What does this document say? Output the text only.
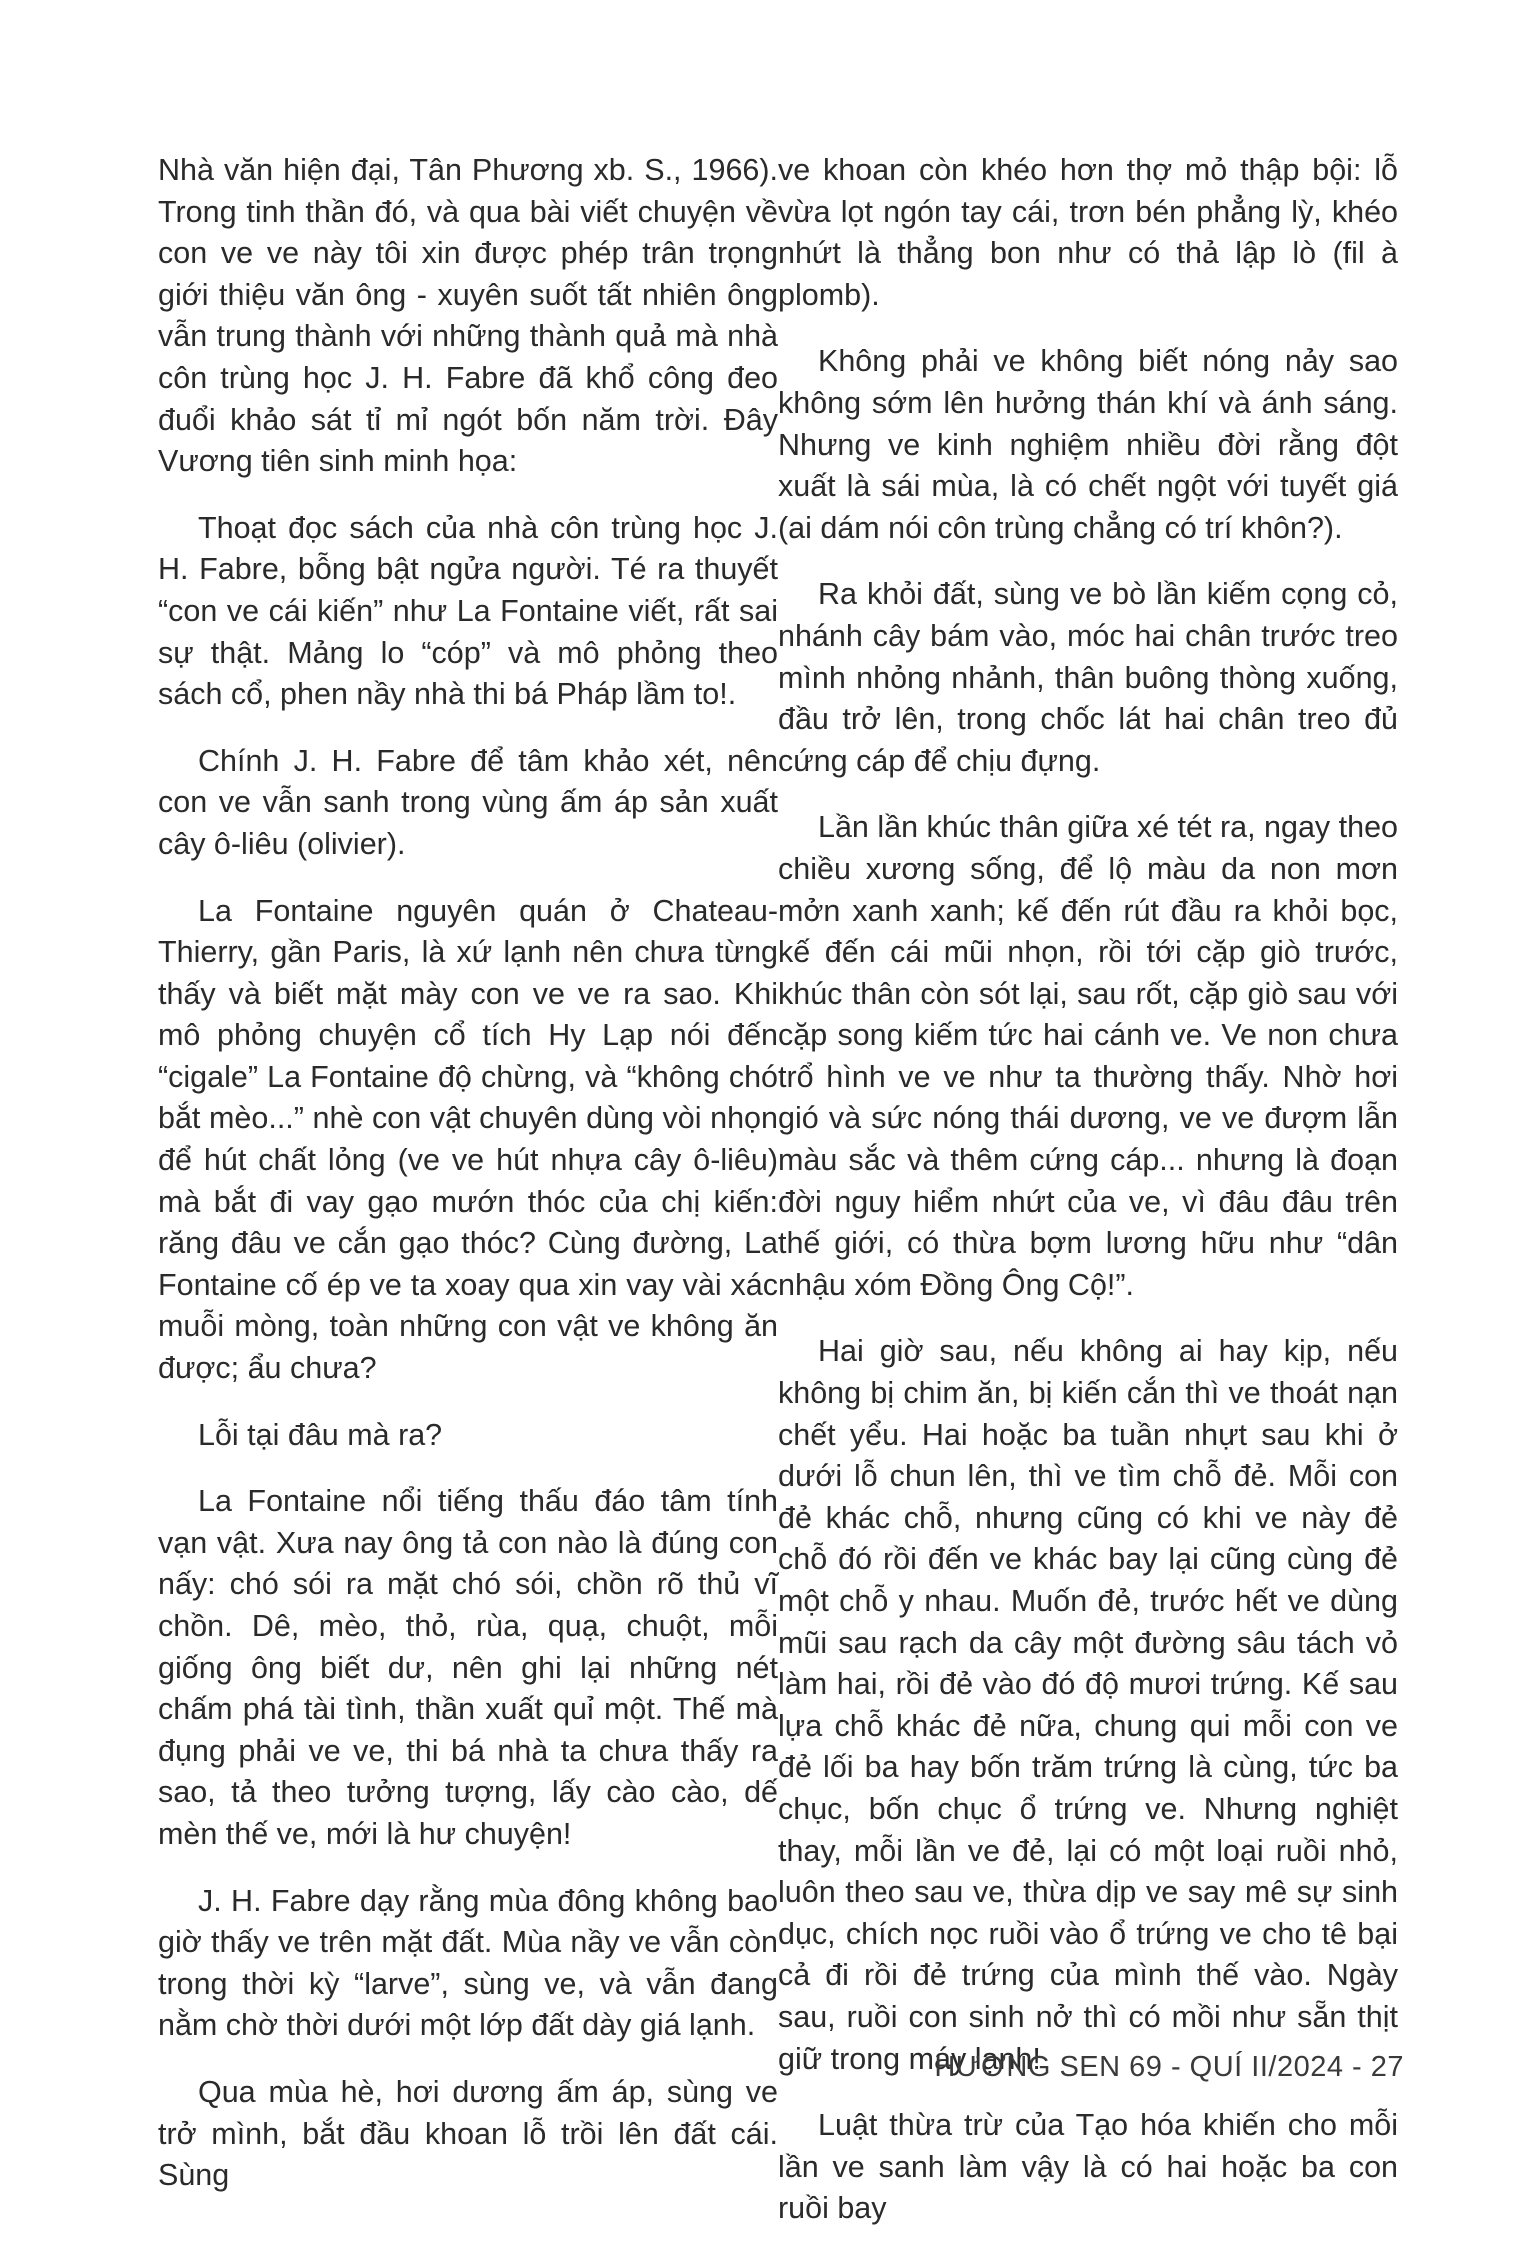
Nhà văn hiện đại, Tân Phương xb. S., 1966). Trong tinh thần đó, và qua bài viết chuyện về con ve ve này tôi xin được phép trân trọng giới thiệu văn ông - xuyên suốt tất nhiên ông vẫn trung thành với những thành quả mà nhà côn trùng học J. H. Fabre đã khổ công đeo đuổi khảo sát tỉ mỉ ngót bốn năm trời. Đây Vương tiên sinh minh họa:

Thoạt đọc sách của nhà côn trùng học J. H. Fabre, bỗng bật ngửa người. Té ra thuyết “con ve cái kiến” như La Fontaine viết, rất sai sự thật. Mảng lo “cóp” và mô phỏng theo sách cổ, phen nầy nhà thi bá Pháp lầm to!.

Chính J. H. Fabre để tâm khảo xét, nên con ve vẫn sanh trong vùng ấm áp sản xuất cây ô-liêu (olivier).

La Fontaine nguyên quán ở Chateau-Thierry, gần Paris, là xứ lạnh nên chưa từng thấy và biết mặt mày con ve ve ra sao. Khi mô phỏng chuyện cổ tích Hy Lạp nói đến “cigale” La Fontaine độ chừng, và “không chó bắt mèo...” nhè con vật chuyên dùng vòi nhọn để hút chất lỏng (ve ve hút nhựa cây ô-liêu) mà bắt đi vay gạo mướn thóc của chị kiến: răng đâu ve cắn gạo thóc? Cùng đường, La Fontaine cố ép ve ta xoay qua xin vay vài xác muỗi mòng, toàn những con vật ve không ăn được; ẩu chưa?

Lỗi tại đâu mà ra?

La Fontaine nổi tiếng thấu đáo tâm tính vạn vật. Xưa nay ông tả con nào là đúng con nấy: chó sói ra mặt chó sói, chồn rõ thủ vĩ chồn. Dê, mèo, thỏ, rùa, quạ, chuột, mỗi giống ông biết dư, nên ghi lại những nét chấm phá tài tình, thần xuất quỉ một. Thế mà đụng phải ve ve, thi bá nhà ta chưa thấy ra sao, tả theo tưởng tượng, lấy cào cào, dế mèn thế ve, mới là hư chuyện!

J. H. Fabre dạy rằng mùa đông không bao giờ thấy ve trên mặt đất. Mùa nầy ve vẫn còn trong thời kỳ “larve”, sùng ve, và vẫn đang nằm chờ thời dưới một lớp đất dày giá lạnh.

Qua mùa hè, hơi dương ấm áp, sùng ve trở mình, bắt đầu khoan lỗ trồi lên đất cái. Sùng

ve khoan còn khéo hơn thợ mỏ thập bội: lỗ vừa lọt ngón tay cái, trơn bén phẳng lỳ, khéo nhứt là thẳng bon như có thả lập lò (fil à plomb).

Không phải ve không biết nóng nảy sao không sớm lên hưởng thán khí và ánh sáng. Nhưng ve kinh nghiệm nhiều đời rằng đột xuất là sái mùa, là có chết ngột với tuyết giá (ai dám nói côn trùng chẳng có trí khôn?).

Ra khỏi đất, sùng ve bò lần kiếm cọng cỏ, nhánh cây bám vào, móc hai chân trước treo mình nhỏng nhảnh, thân buông thòng xuống, đầu trở lên, trong chốc lát hai chân treo đủ cứng cáp để chịu đựng.

Lần lần khúc thân giữa xé tét ra, ngay theo chiều xương sống, để lộ màu da non mơn mởn xanh xanh; kế đến rút đầu ra khỏi bọc, kế đến cái mũi nhọn, rồi tới cặp giò trước, khúc thân còn sót lại, sau rốt, cặp giò sau với cặp song kiếm tức hai cánh ve. Ve non chưa trổ hình ve ve như ta thường thấy. Nhờ hơi gió và sức nóng thái dương, ve ve đượm lẫn màu sắc và thêm cứng cáp... nhưng là đoạn đời nguy hiểm nhứt của ve, vì đâu đâu trên thế giới, có thừa bợm lương hữu như “dân nhậu xóm Đồng Ông Cộ!”.

Hai giờ sau, nếu không ai hay kịp, nếu không bị chim ăn, bị kiến cắn thì ve thoát nạn chết yểu. Hai hoặc ba tuần nhựt sau khi ở dưới lỗ chun lên, thì ve tìm chỗ đẻ. Mỗi con đẻ khác chỗ, nhưng cũng có khi ve này đẻ chỗ đó rồi đến ve khác bay lại cũng cùng đẻ một chỗ y nhau. Muốn đẻ, trước hết ve dùng mũi sau rạch da cây một đường sâu tách vỏ làm hai, rồi đẻ vào đó độ mươi trứng. Kế sau lựa chỗ khác đẻ nữa, chung qui mỗi con ve đẻ lối ba hay bốn trăm trứng là cùng, tức ba chục, bốn chục ổ trứng ve. Nhưng nghiệt thay, mỗi lần ve đẻ, lại có một loại ruồi nhỏ, luôn theo sau ve, thừa dịp ve say mê sự sinh dục, chích nọc ruồi vào ổ trứng ve cho tê bại cả đi rồi đẻ trứng của mình thế vào. Ngày sau, ruồi con sinh nở thì có mồi như sẵn thịt giữ trong máy lạnh!

Luật thừa trừ của Tạo hóa khiến cho mỗi lần ve sanh làm vậy là có hai hoặc ba con ruồi bay

HƯƠNG SEN 69 - QUÍ II/2024 - 27
